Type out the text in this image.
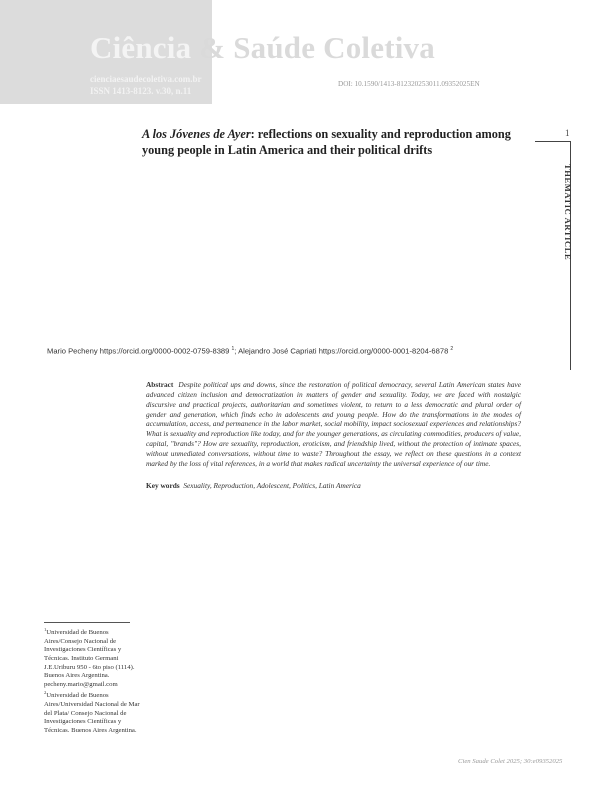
Ciência & Saúde Coletiva

cienciaesaudecoletiva.com.br

ISSN 1413-8123. v.30, n.11

DOI: 10.1590/1413-812320253011.09352025EN

1

THEMATIC ARTICLE
A los Jóvenes de Ayer: reflections on sexuality and reproduction among young people in Latin America and their political drifts

Mario Pecheny https://orcid.org/0000-0002-0759-8389 $^1$; Alejandro José Capriati https://orcid.org/0000-0001-8204-6878 $^2$

Abstract Despite political ups and downs, since the restoration of political democracy, several Latin American states have advanced citizen inclusion and democratization in matters of gender and sexuality. Today, we are faced with nostalgic discursive and practical projects, authoritarian and sometimes violent, to return to a less democratic and plural order of gender and generation, which finds echo in adolescents and young people. How do the transformations in the modes of accumulation, access, and permanence in the labor market, social mobility, impact sociosexual experiences and relationships? What is sexuality and reproduction like today, and for the younger generations, as circulating commodities, producers of value, capital, "brands"? How are sexuality, reproduction, eroticism, and friendship lived, without the protection of intimate spaces, without unmediated conversations, without time to waste? Throughout the essay, we reflect on these questions in a context marked by the loss of vital references, in a world that makes radical uncertainty the universal experience of our time.

Key words Sexuality, Reproduction, Adolescent, Politics, Latin America

$^1$Universidad de Buenos Aires/Consejo Nacional de Investigaciones Científicas y Técnicas. Instituto Germani J.E.Uriburu 950 - 6to piso (1114). Buenos Aires Argentina. pecheny.mario@gmail.com

$^2$Universidad de Buenos Aires/Universidad Nacional de Mar del Plata/ Consejo Nacional de Investigaciones Científicas y Técnicas. Buenos Aires Argentina.

Cien Saude Colet 2025; 30:e09352025
